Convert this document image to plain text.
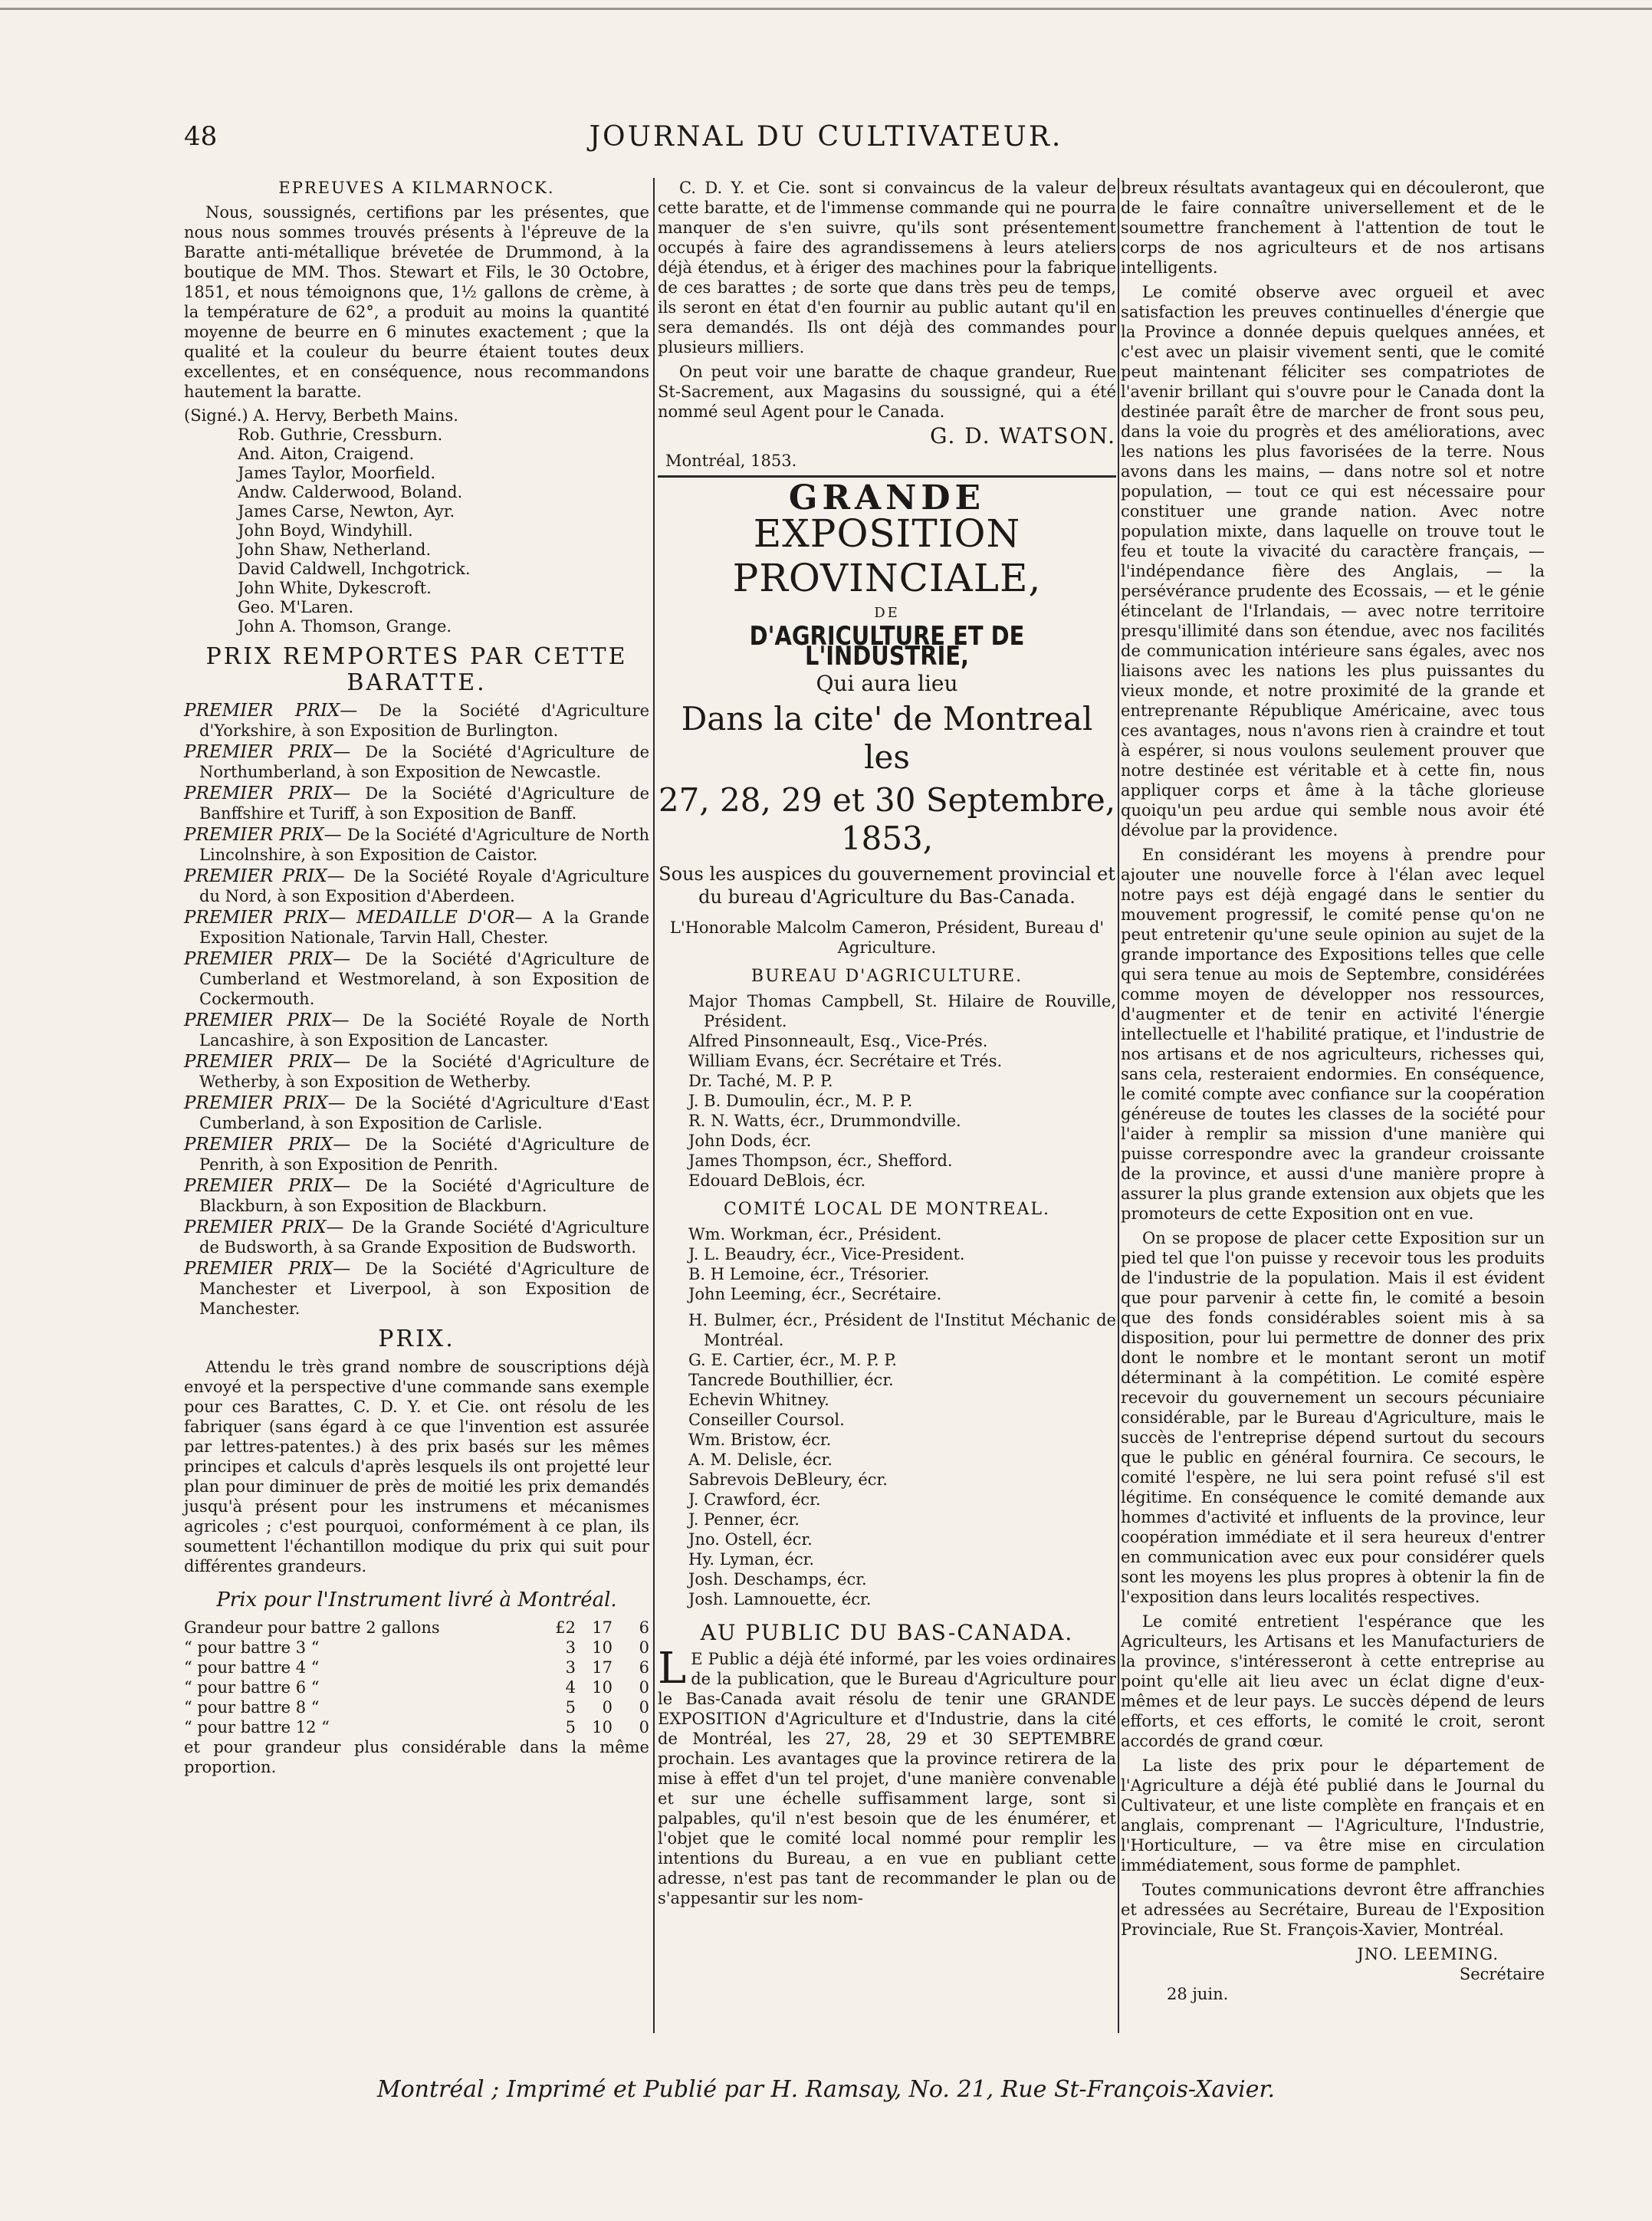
48	JOURNAL DU CULTIVATEUR.
EPREUVES A KILMARNOCK.

Nous, soussignés, certifions par les présentes, que nous nous sommes trouvés présents à l'épreuve de la Baratte anti-métallique brévetée de Drummond, à la boutique de MM. Thos. Stewart et Fils, le 30 Octobre, 1851, et nous témoignons que, 1½ gallons de crème, à la température de 62°, a produit au moins la quantité moyenne de beurre en 6 minutes exactement ; que la qualité et la couleur du beurre étaient toutes deux excellentes, et en conséquence, nous recommandons hautement la baratte.

(Signé.) A. Hervy, Berbeth Mains.
Rob. Guthrie, Cressburn.
And. Aiton, Craigend.
James Taylor, Moorfield.
Andw. Calderwood, Boland.
James Carse, Newton, Ayr.
John Boyd, Windyhill.
John Shaw, Netherland.
David Caldwell, Inchgotrick.
John White, Dykescroft.
Geo. M'Laren.
John A. Thomson, Grange.
PRIX REMPORTES PAR CETTE BARATTE.
PREMIER PRIX— De la Société d'Agriculture d'Yorkshire, à son Exposition de Burlington.
PREMIER PRIX— De la Société d'Agriculture de Northumberland, à son Exposition de Newcastle.
PREMIER PRIX— De la Société d'Agriculture de Banffshire et Turiff, à son Exposition de Banff.
PREMIER PRIX— De la Société d'Agriculture de North Lincolnshire, à son Exposition de Caistor.
PREMIER PRIX— De la Société Royale d'Agriculture du Nord, à son Exposition d'Aberdeen.
PREMIER PRIX— MEDAILLE D'OR— A la Grande Exposition Nationale, Tarvin Hall, Chester.
PREMIER PRIX— De la Société d'Agriculture de Cumberland et Westmoreland, à son Exposition de Cockermouth.
PREMIER PRIX— De la Société Royale de North Lancashire, à son Exposition de Lancaster.
PREMIER PRIX— De la Société d'Agriculture de Wetherby, à son Exposition de Wetherby.
PREMIER PRIX— De la Société d'Agriculture d'East Cumberland, à son Exposition de Carlisle.
PREMIER PRIX— De la Société d'Agriculture de Penrith, à son Exposition de Penrith.
PREMIER PRIX— De la Société d'Agriculture de Blackburn, à son Exposition de Blackburn.
PREMIER PRIX— De la Grande Société d'Agriculture de Budsworth, à sa Grande Exposition de Budsworth.
PREMIER PRIX— De la Société d'Agriculture de Manchester et Liverpool, à son Exposition de Manchester.
PRIX.

Attendu le très grand nombre de souscriptions déjà envoyé et la perspective d'une commande sans exemple pour ces Barattes, C. D. Y. et Cie. ont résolu de les fabriquer (sans égard à ce que l'invention est assurée par lettres-patentes.) à des prix basés sur les mêmes principes et calculs d'après lesquels ils ont projetté leur plan pour diminuer de près de moitié les prix demandés jusqu'à présent pour les instrumens et mécanismes agricoles ; c'est pourquoi, conformément à ce plan, ils soumettent l'échantillon modique du prix qui suit pour différentes grandeurs.

Prix pour l'Instrument livré à Montréal.
Grandeur pour battre 2 gallons	£2	17	6
“ pour battre 3 “	3	10	0
“ pour battre 4 “	3	17	6
“ pour battre 6 “	4	10	0
“ pour battre 8 “	5	0	0
“ pour battre 12 “	5	10	0

et pour grandeur plus considérable dans la même proportion.

C. D. Y. et Cie. sont si convaincus de la valeur de cette baratte, et de l'immense commande qui ne pourra manquer de s'en suivre, qu'ils sont présentement occupés à faire des agrandissemens à leurs ateliers déjà étendus, et à ériger des machines pour la fabrique de ces barattes ; de sorte que dans très peu de temps, ils seront en état d'en fournir au public autant qu'il en sera demandés. Ils ont déjà des commandes pour plusieurs milliers.

On peut voir une baratte de chaque grandeur, Rue St-Sacrement, aux Magasins du soussigné, qui a été nommé seul Agent pour le Canada.

G. D. WATSON.
Montréal, 1853.
GRANDE
EXPOSITION PROVINCIALE,
DE
D'AGRICULTURE ET DE L'INDUSTRIE,
Qui aura lieu
Dans la cite' de Montreal les
27, 28, 29 et 30 Septembre, 1853,
Sous les auspices du gouvernement provincial et du bureau d'Agriculture du Bas-Canada.

L'Honorable Malcolm Cameron, Président, Bureau d' Agriculture.

BUREAU D'AGRICULTURE.
Major Thomas Campbell, St. Hilaire de Rouville, Président.
Alfred Pinsonneault, Esq., Vice-Prés.
William Evans, écr. Secrétaire et Trés.
Dr. Taché, M. P. P.
J. B. Dumoulin, écr., M. P. P.
R. N. Watts, écr., Drummondville.
John Dods, écr.
James Thompson, écr., Shefford.
Edouard DeBlois, écr.
COMITÉ LOCAL DE MONTREAL.
Wm. Workman, écr., Président.
J. L. Beaudry, écr., Vice-President.
B. H Lemoine, écr., Trésorier.
John Leeming, écr., Secrétaire.
H. Bulmer, écr., Président de l'Institut Méchanic de Montréal.
G. E. Cartier, écr., M. P. P.
Tancrede Bouthillier, écr.
Echevin Whitney.
Conseiller Coursol.
Wm. Bristow, écr.
A. M. Delisle, écr.
Sabrevois DeBleury, écr.
J. Crawford, écr.
J. Penner, écr.
Jno. Ostell, écr.
Hy. Lyman, écr.
Josh. Deschamps, écr.
Josh. Lamnouette, écr.
AU PUBLIC DU BAS-CANADA.

L E Public a déjà été informé, par les voies ordinaires de la publication, que le Bureau d'Agriculture pour le Bas-Canada avait résolu de tenir une GRANDE EXPOSITION d'Agriculture et d'Industrie, dans la cité de Montréal, les 27, 28, 29 et 30 SEPTEMBRE prochain. Les avantages que la province retirera de la mise à effet d'un tel projet, d'une manière convenable et sur une échelle suffisamment large, sont si palpables, qu'il n'est besoin que de les énumérer, et l'objet que le comité local nommé pour remplir les intentions du Bureau, a en vue en publiant cette adresse, n'est pas tant de recommander le plan ou de s'appesantir sur les nom-

breux résultats avantageux qui en découleront, que de le faire connaître universellement et de le soumettre franchement à l'attention de tout le corps de nos agriculteurs et de nos artisans intelligents.

Le comité observe avec orgueil et avec satisfaction les preuves continuelles d'énergie que la Province a donnée depuis quelques années, et c'est avec un plaisir vivement senti, que le comité peut maintenant féliciter ses compatriotes de l'avenir brillant qui s'ouvre pour le Canada dont la destinée paraît être de marcher de front sous peu, dans la voie du progrès et des améliorations, avec les nations les plus favorisées de la terre. Nous avons dans les mains, — dans notre sol et notre population, — tout ce qui est nécessaire pour constituer une grande nation. Avec notre population mixte, dans laquelle on trouve tout le feu et toute la vivacité du caractère français, — l'indépendance fière des Anglais, — la persévérance prudente des Ecossais, — et le génie étincelant de l'Irlandais, — avec notre territoire presqu'illimité dans son étendue, avec nos facilités de communication intérieure sans égales, avec nos liaisons avec les nations les plus puissantes du vieux monde, et notre proximité de la grande et entreprenante République Américaine, avec tous ces avantages, nous n'avons rien à craindre et tout à espérer, si nous voulons seulement prouver que notre destinée est véritable et à cette fin, nous appliquer corps et âme à la tâche glorieuse quoiqu'un peu ardue qui semble nous avoir été dévolue par la providence.

En considérant les moyens à prendre pour ajouter une nouvelle force à l'élan avec lequel notre pays est déjà engagé dans le sentier du mouvement progressif, le comité pense qu'on ne peut entretenir qu'une seule opinion au sujet de la grande importance des Expositions telles que celle qui sera tenue au mois de Septembre, considérées comme moyen de développer nos ressources, d'augmenter et de tenir en activité l'énergie intellectuelle et l'habilité pratique, et l'industrie de nos artisans et de nos agriculteurs, richesses qui, sans cela, resteraient endormies. En conséquence, le comité compte avec confiance sur la coopération généreuse de toutes les classes de la société pour l'aider à remplir sa mission d'une manière qui puisse correspondre avec la grandeur croissante de la province, et aussi d'une manière propre à assurer la plus grande extension aux objets que les promoteurs de cette Exposition ont en vue.

On se propose de placer cette Exposition sur un pied tel que l'on puisse y recevoir tous les produits de l'industrie de la population. Mais il est évident que pour parvenir à cette fin, le comité a besoin que des fonds considérables soient mis à sa disposition, pour lui permettre de donner des prix dont le nombre et le montant seront un motif déterminant à la compétition. Le comité espère recevoir du gouvernement un secours pécuniaire considérable, par le Bureau d'Agriculture, mais le succès de l'entreprise dépend surtout du secours que le public en général fournira. Ce secours, le comité l'espère, ne lui sera point refusé s'il est légitime. En conséquence le comité demande aux hommes d'activité et influents de la province, leur coopération immédiate et il sera heureux d'entrer en communication avec eux pour considérer quels sont les moyens les plus propres à obtenir la fin de l'exposition dans leurs localités respectives.

Le comité entretient l'espérance que les Agriculteurs, les Artisans et les Manufacturiers de la province, s'intéresseront à cette entreprise au point qu'elle ait lieu avec un éclat digne d'eux-mêmes et de leur pays. Le succès dépend de leurs efforts, et ces efforts, le comité le croit, seront accordés de grand cœur.

La liste des prix pour le département de l'Agriculture a déjà été publié dans le Journal du Cultivateur, et une liste complète en français et en anglais, comprenant — l'Agriculture, l'Industrie, l'Horticulture, — va être mise en circulation immédiatement, sous forme de pamphlet.

Toutes communications devront être affranchies et adressées au Secrétaire, Bureau de l'Exposition Provinciale, Rue St. François-Xavier, Montréal.

JNO. LEEMING.
Secrétaire
28 juin.
Montréal ; Imprimé et Publié par H. Ramsay, No. 21, Rue St-François-Xavier.
